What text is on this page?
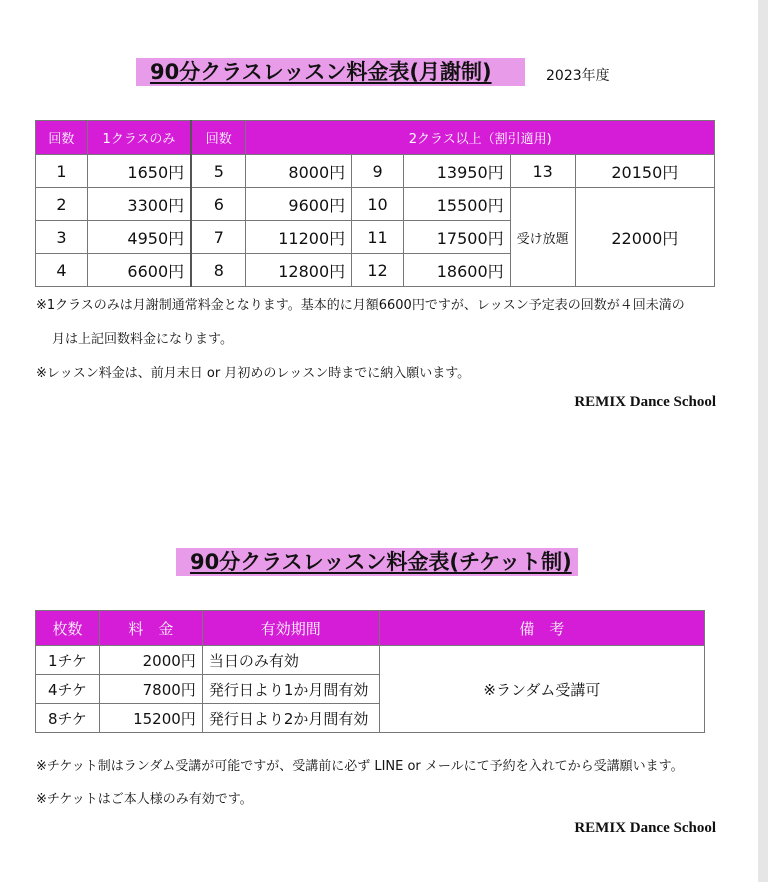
90分クラスレッスン料金表(月謝制)	2023年度
回数	1クラスのみ	回数	2クラス以上（割引適用)				
1	1650円	5	8000円	9	13950円	13	20150円
2	3300円	6	9600円	10	15500円	受け放題	22000円
3	4950円	7	11200円	11	17500円		
4	6600円	8	12800円	12	18600円		
※1クラスのみは月謝制通常料金となります。基本的に月額6600円ですが、レッスン予定表の回数が４回未満の
月は上記回数料金になります。
※レッスン料金は、前月末日 or 月初めのレッスン時までに納入願います。
REMIX Dance School
90分クラスレッスン料金表(チケット制)
枚数	料　金	有効期間	備　考
1チケ	2000円	当日のみ有効	※ランダム受講可
4チケ	7800円	発行日より1か月間有効	
8チケ	15200円	発行日より2か月間有効	
※チケット制はランダム受講が可能ですが、受講前に必ず LINE or メールにて予約を入れてから受講願います。
※チケットはご本人様のみ有効です。
REMIX Dance School
